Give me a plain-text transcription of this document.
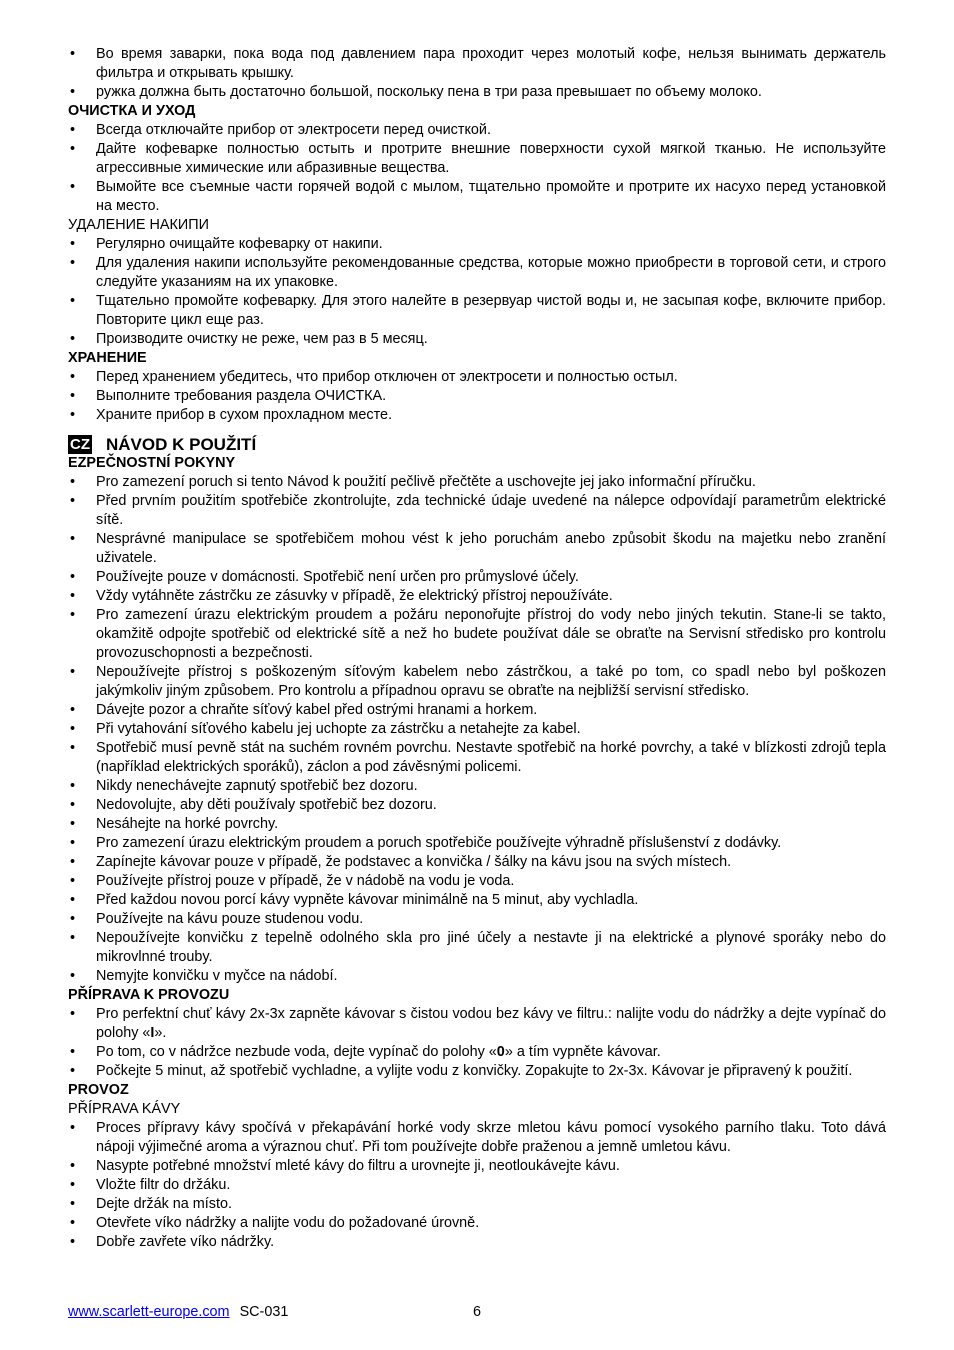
• Во время заварки, пока вода под давлением пара проходит через молотый кофе, нельзя вынимать держатель фильтра и открывать крышку.
• ружка должна быть достаточно большой, поскольку пена в три раза превышает по объему молоко.
ОЧИСТКА И УХОД
• Всегда отключайте прибор от электросети перед очисткой.
• Дайте кофеварке полностью остыть и протрите внешние поверхности сухой мягкой тканью. Не используйте агрессивные химические или абразивные вещества.
• Вымойте все съемные части горячей водой с мылом, тщательно промойте и протрите их насухо перед установкой на место.
УДАЛЕНИЕ НАКИПИ
• Регулярно очищайте кофеварку от накипи.
• Для удаления накипи используйте рекомендованные средства, которые можно приобрести в торговой сети, и строго следуйте указаниям на их упаковке.
• Тщательно промойте кофеварку. Для этого налейте в резервуар чистой воды и, не засыпая кофе, включите прибор. Повторите цикл еще раз.
• Производите очистку не реже, чем раз в 5 месяц.
ХРАНЕНИЕ
• Перед хранением убедитесь, что прибор отключен от электросети и полностью остыл.
• Выполните требования раздела ОЧИСТКА.
• Храните прибор в сухом прохладном месте.
CZ NÁVOD K POUŽITÍ
EZPEČNOSTNÍ POKYNY
• Pro zamezení poruch si tento Návod k použití pečlivě přečtěte a uschovejte jej jako informační příručku.
• Před prvním použitím spotřebiče zkontrolujte, zda technické údaje uvedené na nálepce odpovídají parametrům elektrické sítě.
• Nesprávné manipulace se spotřebičem mohou vést k jeho poruchám anebo způsobit škodu na majetku nebo zranění uživatele.
• Používejte pouze v domácnosti. Spotřebič není určen pro průmyslové účely.
• Vždy vytáhněte zástrčku ze zásuvky v případě, že elektrický přístroj nepoužíváte.
• Pro zamezení úrazu elektrickým proudem a požáru neponořujte přístroj do vody nebo jiných tekutin. Stane-li se takto, okamžitě odpojte spotřebič od elektrické sítě a než ho budete používat dále se obraťte na Servisní středisko pro kontrolu provozuschopnosti a bezpečnosti.
• Nepoužívejte přístroj s poškozeným síťovým kabelem nebo zástrčkou, a také po tom, co spadl nebo byl poškozen jakýmkoliv jiným způsobem. Pro kontrolu a případnou opravu se obraťte na nejbližší servisní středisko.
• Dávejte pozor a chraňte síťový kabel před ostrými hranami a horkem.
• Při vytahování síťového kabelu jej uchopte za zástrčku a netahejte za kabel.
• Spotřebič musí pevně stát na suchém rovném povrchu. Nestavte spotřebič na horké povrchy, a také v blízkosti zdrojů tepla (například elektrických sporáků), záclon a pod závěsnými policemi.
• Nikdy nenechávejte zapnutý spotřebič bez dozoru.
• Nedovolujte, aby děti používaly spotřebič bez dozoru.
• Nesáhejte na horké povrchy.
• Pro zamezení úrazu elektrickým proudem a poruch spotřebiče používejte výhradně příslušenství z dodávky.
• Zapínejte kávovar pouze v případě, že podstavec a konvička / šálky na kávu jsou na svých místech.
• Používejte přístroj pouze v případě, že v nádobě na vodu je voda.
• Před každou novou porcí kávy vypněte kávovar minimálně na 5 minut, aby vychladla.
• Používejte na kávu pouze studenou vodu.
• Nepoužívejte konvičku z tepelně odolného skla pro jiné účely a nestavte ji na elektrické a plynové sporáky nebo do mikrovlnné trouby.
• Nemyjte konvičku v myčce na nádobí.
PŘÍPRAVA K PROVOZU
• Pro perfektní chuť kávy 2x-3x zapněte kávovar s čistou vodou bez kávy ve filtru.: nalijte vodu do nádržky a dejte vypínač do polohy «I».
• Po tom, co v nádržce nezbude voda, dejte vypínač do polohy «0» a tím vypněte kávovar.
• Počkejte 5 minut, až spotřebič vychladne, a vylijte vodu z konvičky. Zopakujte to 2x-3x. Kávovar je připravený k použití.
PROVOZ
PŘÍPRAVA KÁVY
• Proces přípravy kávy spočívá v překapávání horké vody skrze mletou kávu pomocí vysokého parního tlaku. Toto dává nápoji výjimečné aroma a výraznou chuť. Při tom používejte dobře praženou a jemně umletou kávu.
• Nasypte potřebné množství mleté kávy do filtru a urovnejte ji, neotloukávejte kávu.
• Vložte filtr do držáku.
• Dejte držák na místo.
• Otevřete víko nádržky a nalijte vodu do požadované úrovně.
• Dobře zavřete víko nádržky.
www.scarlett-europe.com SC-031	6
